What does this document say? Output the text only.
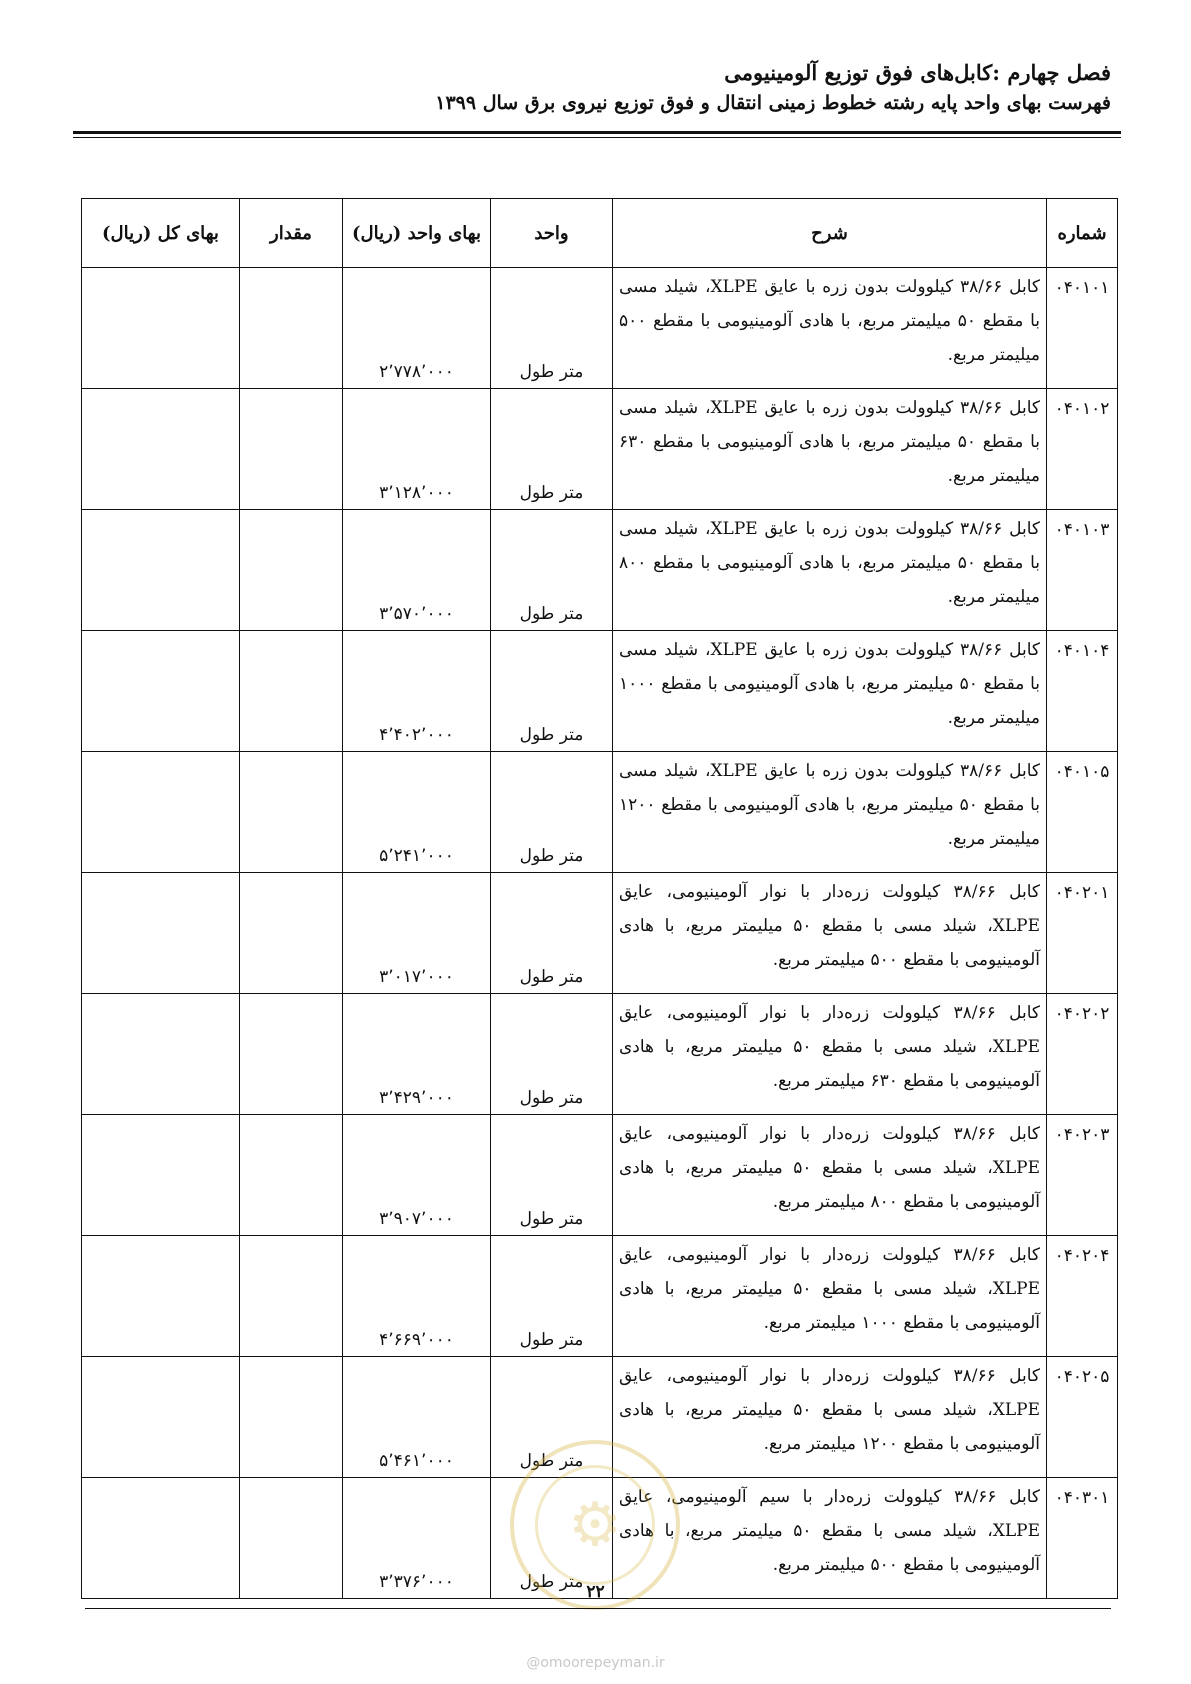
فصل چهارم :کابل‌های فوق توزیع آلومینیومی
فهرست بهای واحد پایه رشته خطوط زمینی انتقال و فوق توزیع نیروی برق سال ۱۳۹۹
شماره	شرح	واحد	بهای واحد (ریال)	مقدار	بهای کل (ریال)
۰۴۰۱۰۱	کابل ۳۸/۶۶ کیلوولت بدون زره با عایق XLPE، شیلد مسی با مقطع ۵۰ میلیمتر مربع، با هادی آلومینیومی با مقطع ۵۰۰ میلیمتر مربع.	متر طول	۲٬۷۷۸٬۰۰۰		
۰۴۰۱۰۲	کابل ۳۸/۶۶ کیلوولت بدون زره با عایق XLPE، شیلد مسی با مقطع ۵۰ میلیمتر مربع، با هادی آلومینیومی با مقطع ۶۳۰ میلیمتر مربع.	متر طول	۳٬۱۲۸٬۰۰۰		
۰۴۰۱۰۳	کابل ۳۸/۶۶ کیلوولت بدون زره با عایق XLPE، شیلد مسی با مقطع ۵۰ میلیمتر مربع، با هادی آلومینیومی با مقطع ۸۰۰ میلیمتر مربع.	متر طول	۳٬۵۷۰٬۰۰۰		
۰۴۰۱۰۴	کابل ۳۸/۶۶ کیلوولت بدون زره با عایق XLPE، شیلد مسی با مقطع ۵۰ میلیمتر مربع، با هادی آلومینیومی با مقطع ۱۰۰۰ میلیمتر مربع.	متر طول	۴٬۴۰۲٬۰۰۰		
۰۴۰۱۰۵	کابل ۳۸/۶۶ کیلوولت بدون زره با عایق XLPE، شیلد مسی با مقطع ۵۰ میلیمتر مربع، با هادی آلومینیومی با مقطع ۱۲۰۰ میلیمتر مربع.	متر طول	۵٬۲۴۱٬۰۰۰		
۰۴۰۲۰۱	کابل ۳۸/۶۶ کیلوولت زره‌دار با نوار آلومینیومی، عایق XLPE، شیلد مسی با مقطع ۵۰ میلیمتر مربع، با هادی آلومینیومی با مقطع ۵۰۰ میلیمتر مربع.	متر طول	۳٬۰۱۷٬۰۰۰		
۰۴۰۲۰۲	کابل ۳۸/۶۶ کیلوولت زره‌دار با نوار آلومینیومی، عایق XLPE، شیلد مسی با مقطع ۵۰ میلیمتر مربع، با هادی آلومینیومی با مقطع ۶۳۰ میلیمتر مربع.	متر طول	۳٬۴۲۹٬۰۰۰		
۰۴۰۲۰۳	کابل ۳۸/۶۶ کیلوولت زره‌دار با نوار آلومینیومی، عایق XLPE، شیلد مسی با مقطع ۵۰ میلیمتر مربع، با هادی آلومینیومی با مقطع ۸۰۰ میلیمتر مربع.	متر طول	۳٬۹۰۷٬۰۰۰		
۰۴۰۲۰۴	کابل ۳۸/۶۶ کیلوولت زره‌دار با نوار آلومینیومی، عایق XLPE، شیلد مسی با مقطع ۵۰ میلیمتر مربع، با هادی آلومینیومی با مقطع ۱۰۰۰ میلیمتر مربع.	متر طول	۴٬۶۶۹٬۰۰۰		
۰۴۰۲۰۵	کابل ۳۸/۶۶ کیلوولت زره‌دار با نوار آلومینیومی، عایق XLPE، شیلد مسی با مقطع ۵۰ میلیمتر مربع، با هادی آلومینیومی با مقطع ۱۲۰۰ میلیمتر مربع.	متر طول	۵٬۴۶۱٬۰۰۰		
۰۴۰۳۰۱	کابل ۳۸/۶۶ کیلوولت زره‌دار با سیم آلومینیومی، عایق XLPE، شیلد مسی با مقطع ۵۰ میلیمتر مربع، با هادی آلومینیومی با مقطع ۵۰۰ میلیمتر مربع.	متر طول	۳٬۳۷۶٬۰۰۰		
⚙
۲۲
@omoorepeyman.ir
